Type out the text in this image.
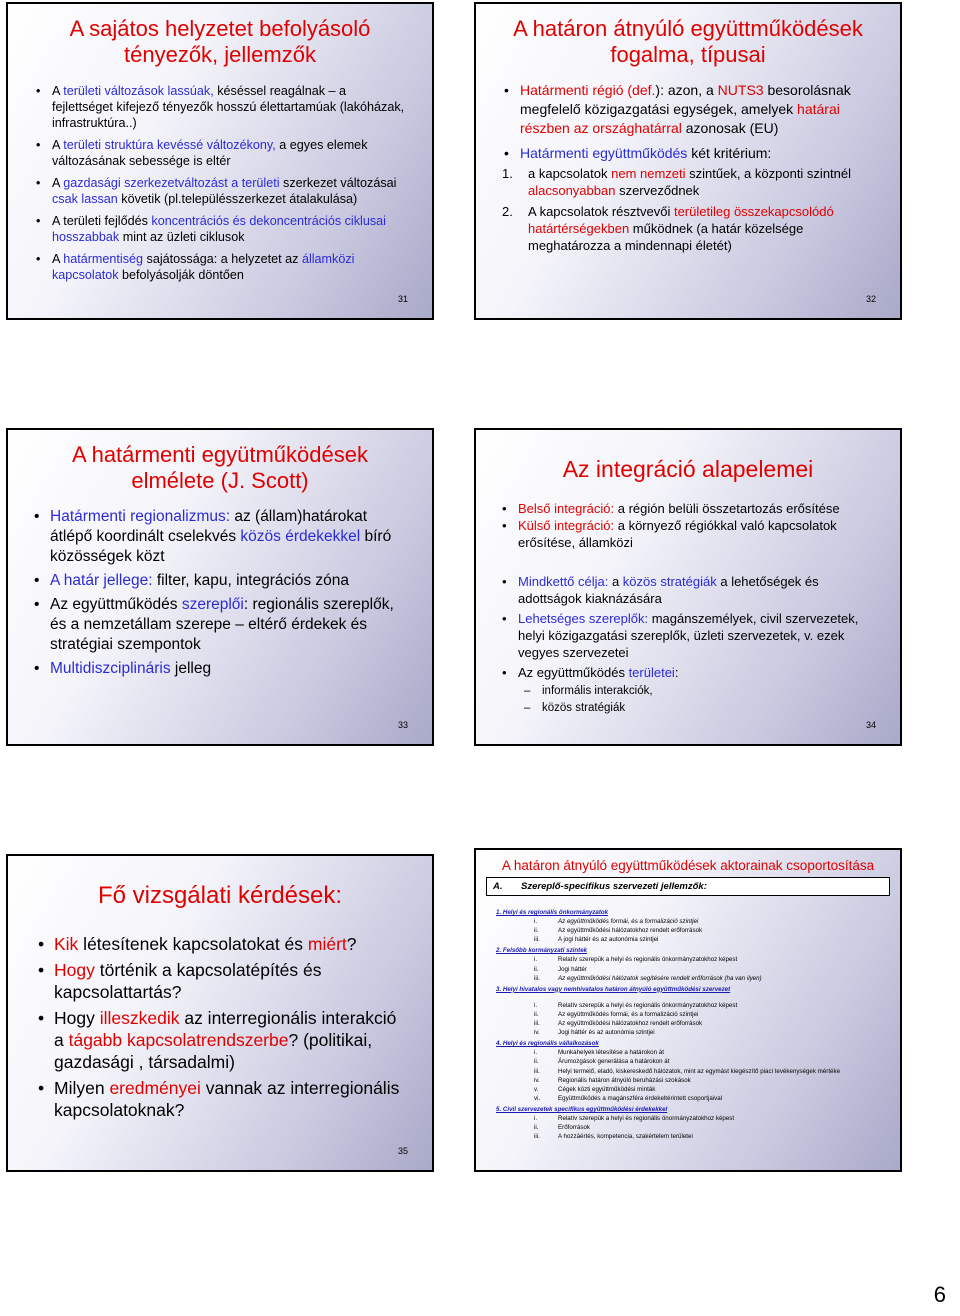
A sajátos helyzetet befolyásoló tényezők, jellemzők
• A területi változások lassúak, késéssel reagálnak – a fejlettséget kifejező tényezők hosszú élettartamúak (lakóházak, infrastruktúra..)
• A területi struktúra kevéssé változékony, a egyes elemek változásának sebessége is eltér
• A gazdasági szerkezetváltozást a területi szerkezet változásai csak lassan követik (pl.településszerkezet átalakulása)
• A területi fejlődés koncentrációs és dekoncentrációs ciklusai hosszabbak mint az üzleti ciklusok
• A határmentiség sajátossága: a helyzetet az államközi kapcsolatok befolyásolják döntően
31
A határon átnyúló együttműködések fogalma, típusai
• Határmenti régió (def.): azon, a NUTS3 besorolásnak megfelelő közigazgatási egységek, amelyek határai részben az országhatárral azonosak (EU)
• Határmenti együttműködés két kritérium:
1. a kapcsolatok nem nemzeti szintűek, a központi szintnél alacsonyabban szerveződnek
2. A kapcsolatok résztvevői területileg összekapcsolódó határtérségekben működnek (a határ közelsége meghatározza a mindennapi életét)
32
A határmenti együtműködések elmélete (J. Scott)
• Határmenti regionalizmus: az (állam)határokat átlépő koordinált cselekvés közös érdekekkel bíró közösségek közt
• A határ jellege: filter, kapu, integrációs zóna
• Az együttműködés szereplői: regionális szereplők, és a nemzetállam szerepe – eltérő érdekek és stratégiai szempontok
• Multidiszciplináris jelleg
33
Az integráció alapelemei
• Belső integráció: a régión belüli összetartozás erősítése
• Külső integráció: a környező régiókkal való kapcsolatok erősítése, államközi
• Mindkettő célja: a közös stratégiák a lehetőségek és adottságok kiaknázására
• Lehetséges szereplők: magánszemélyek, civil szervezetek, helyi közigazgatási szereplők, üzleti szervezetek, v. ezek vegyes szervezetei
• Az együttműködés területei:
– informális interakciók,
– közös stratégiák
34
Fő vizsgálati kérdések:
• Kik létesítenek kapcsolatokat és miért?
• Hogy történik a kapcsolatépítés és kapcsolattartás?
• Hogy illeszkedik az interregionális interakció a tágabb kapcsolatrendszerbe? (politikai, gazdasági , társadalmi)
• Milyen eredményei vannak az interregionális kapcsolatoknak?
35
A határon átnyúló együttműködések aktorainak csoportosítása
A. Szereplő-specifikus szervezeti jellemzők:
1. Helyi és regionális önkormányzatok
i.	Az együttműködés formái, és a formalizáció szintjei
ii.	Az együttműködési hálózatokhoz rendelt erőforrások
iii.	A jogi háttér és az autonómia szintjei
2. Felsőbb kormányzati szintek
i.	Relatív szerepük a helyi és regionális önkormányzatokhoz képest
ii.	Jogi háttér
iii.	Az együttműködési hálózatok segítésére rendelt erőforrások (ha van ilyen)
3. Helyi hivatalos vagy nemhivatalos határon átnyúló együttműködési szervezet
i.	Relatív szerepük a helyi és regionális önkormányzatokhoz képest
ii.	Az együttműködés formái, és a formalizáció szintjei
iii.	Az együttműködési hálózatokhoz rendelt erőforrások
iv.	Jogi háttér és az autonómia szintjei
4. Helyi és regionális vállalkozások
i.	Munkahelyek létesítése a határokon át
ii.	Árumozgások generálása a határokon át
iii.	Helyi termelő, eladó, kiskereskedő hálózatok, mint az egymást kiegészítő piaci tevékenységek mértéke
iv.	Regionális határon átnyúló beruházási szokások
v.	Cégek közti együttműködési minták
vi.	Együttműködés a magánszféra érdekeltérintett csoportjaival
5. Civil szervezetek specifikus együttműködési érdekekkel
i.	Relatív szerepük a helyi és regionális önormányzatokhoz képest
ii.	Erőforrások
iii.	A hozzáértés, kompetencia, szakértelem területei
6
